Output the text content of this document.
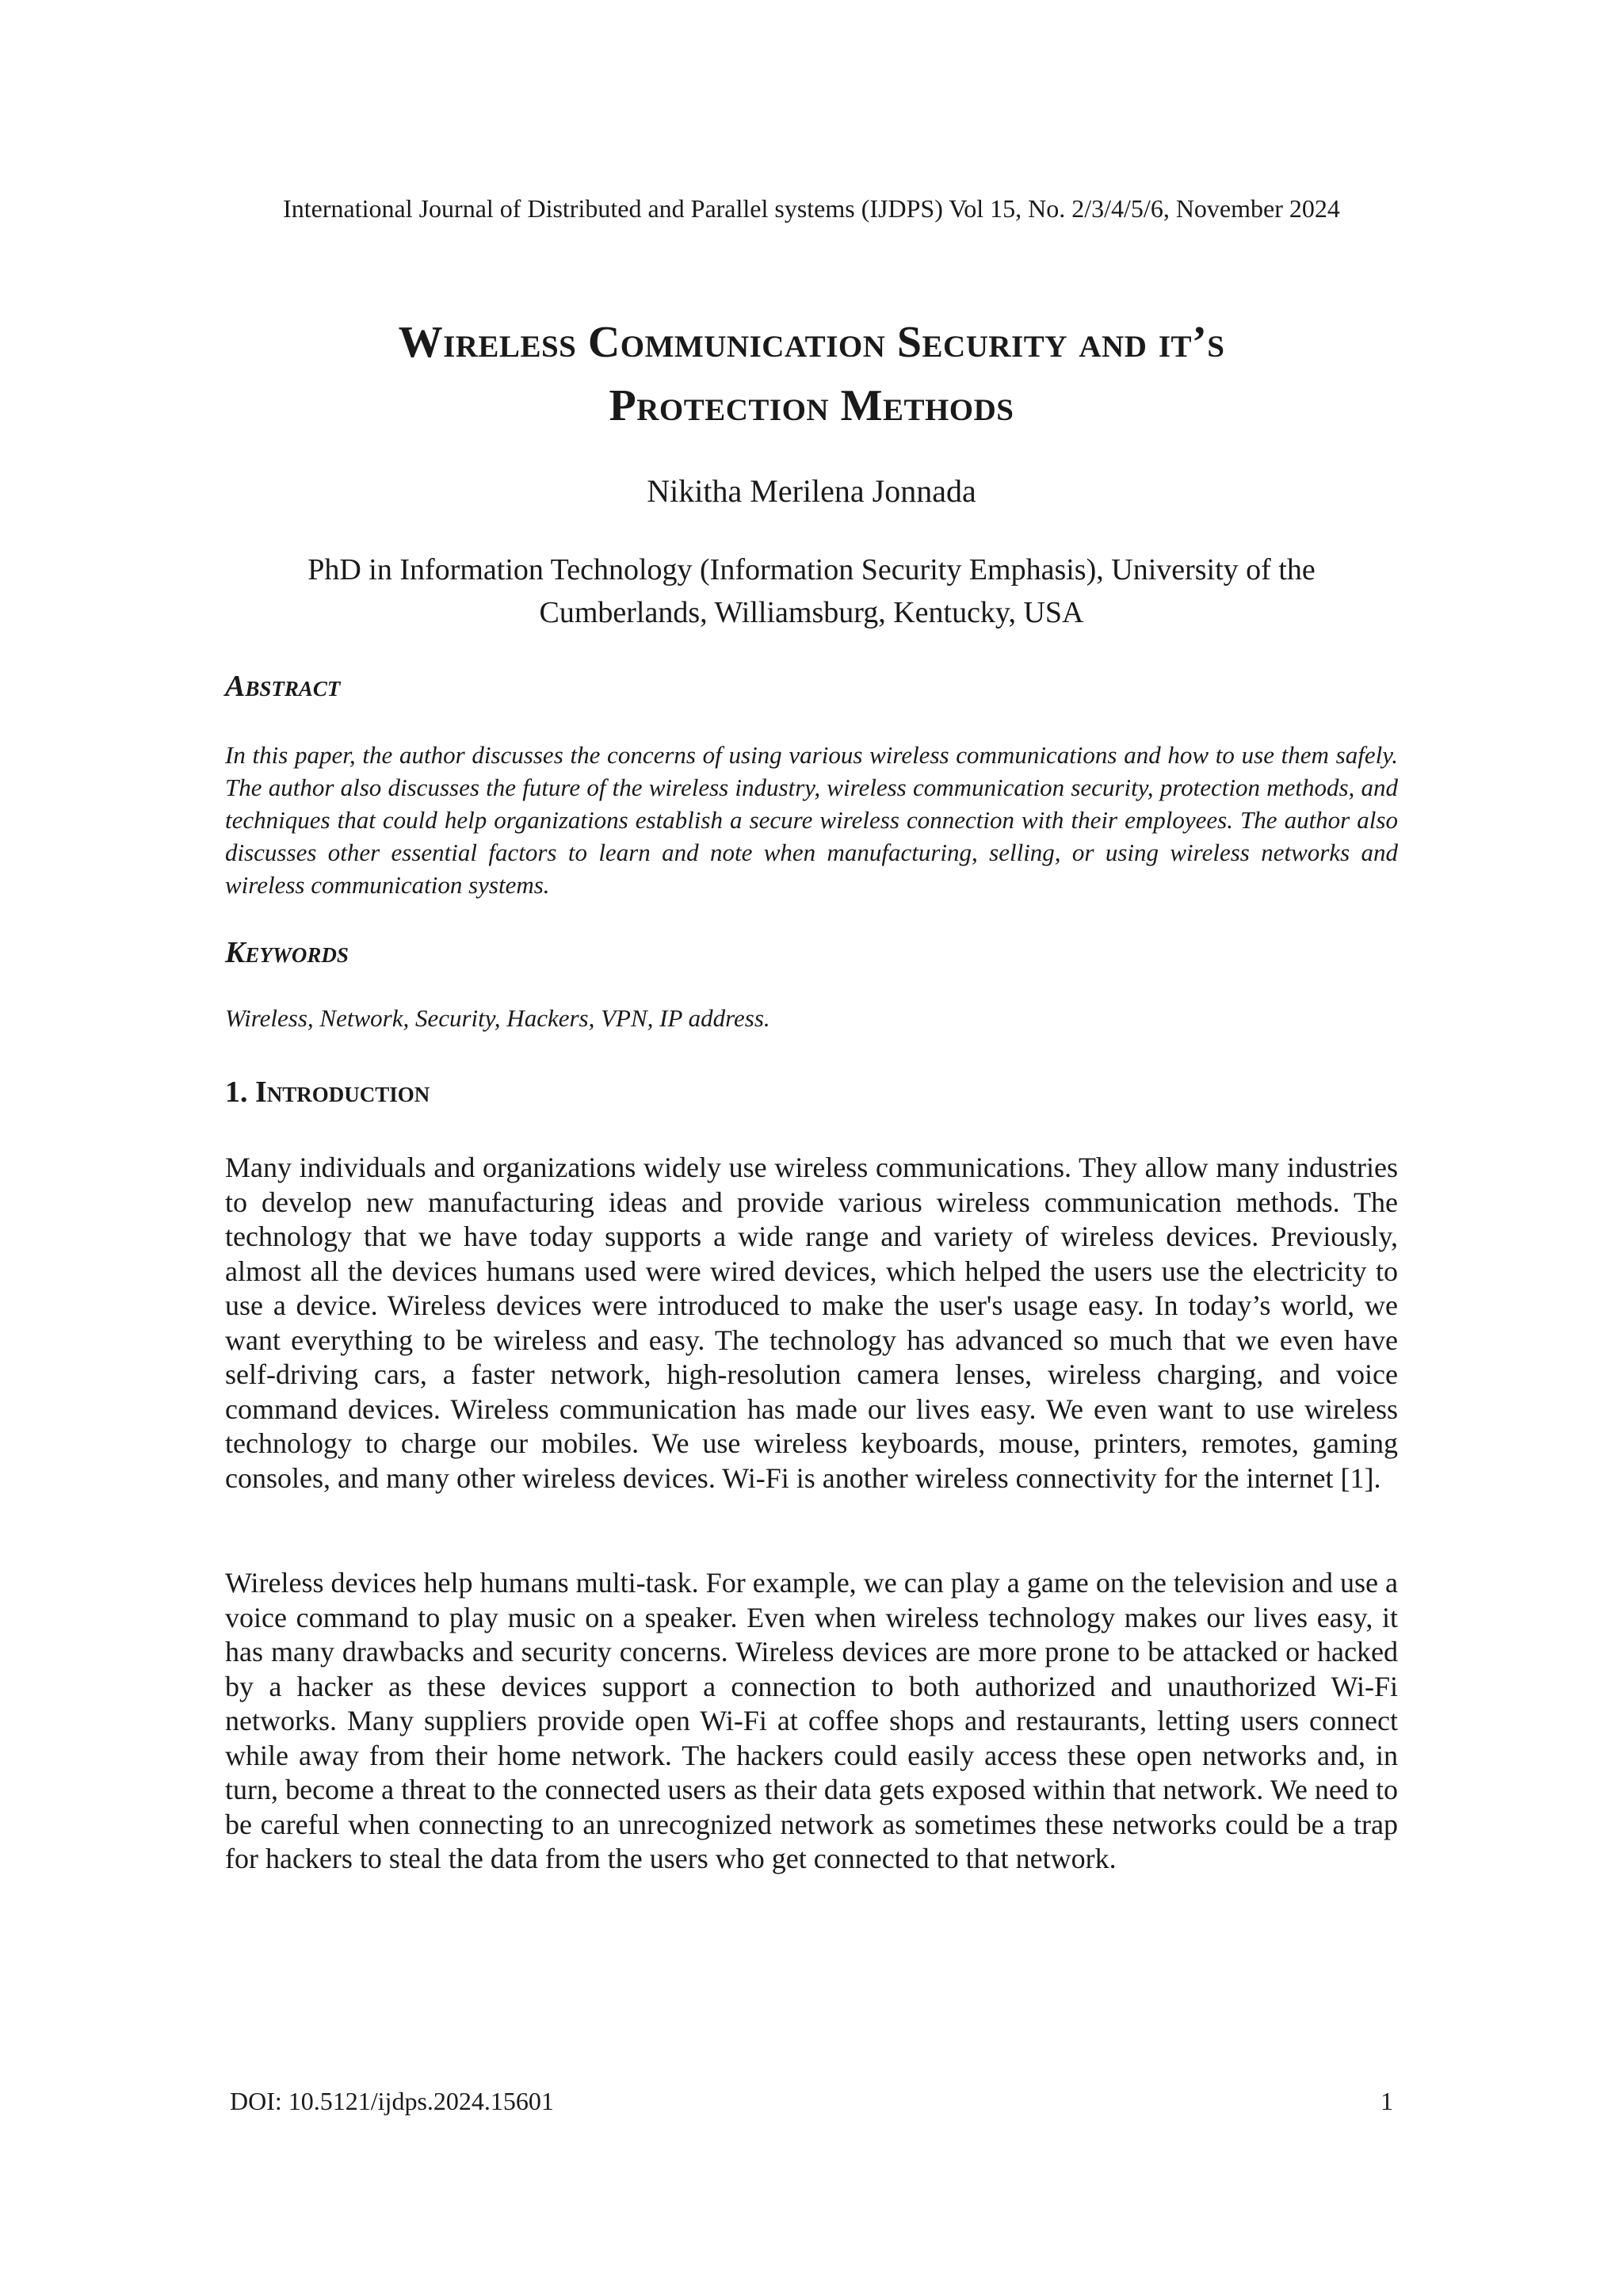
International Journal of Distributed and Parallel systems (IJDPS) Vol 15, No. 2/3/4/5/6, November 2024
Wireless Communication Security and it’s
Protection Methods
Nikitha Merilena Jonnada
PhD in Information Technology (Information Security Emphasis), University of the
Cumberlands, Williamsburg, Kentucky, USA
Abstract
In this paper, the author discusses the concerns of using various wireless communications and how to use them safely. The author also discusses the future of the wireless industry, wireless communication security, protection methods, and techniques that could help organizations establish a secure wireless connection with their employees. The author also discusses other essential factors to learn and note when manufacturing, selling, or using wireless networks and wireless communication systems.
Keywords
Wireless, Network, Security, Hackers, VPN, IP address.
1. Introduction
Many individuals and organizations widely use wireless communications. They allow many industries to develop new manufacturing ideas and provide various wireless communication methods. The technology that we have today supports a wide range and variety of wireless devices. Previously, almost all the devices humans used were wired devices, which helped the users use the electricity to use a device. Wireless devices were introduced to make the user's usage easy. In today’s world, we want everything to be wireless and easy. The technology has advanced so much that we even have self-driving cars, a faster network, high-resolution camera lenses, wireless charging, and voice command devices. Wireless communication has made our lives easy. We even want to use wireless technology to charge our mobiles. We use wireless keyboards, mouse, printers, remotes, gaming consoles, and many other wireless devices. Wi-Fi is another wireless connectivity for the internet [1].
Wireless devices help humans multi-task. For example, we can play a game on the television and use a voice command to play music on a speaker. Even when wireless technology makes our lives easy, it has many drawbacks and security concerns. Wireless devices are more prone to be attacked or hacked by a hacker as these devices support a connection to both authorized and unauthorized Wi-Fi networks. Many suppliers provide open Wi-Fi at coffee shops and restaurants, letting users connect while away from their home network. The hackers could easily access these open networks and, in turn, become a threat to the connected users as their data gets exposed within that network. We need to be careful when connecting to an unrecognized network as sometimes these networks could be a trap for hackers to steal the data from the users who get connected to that network.
DOI: 10.5121/ijdps.2024.15601	1
